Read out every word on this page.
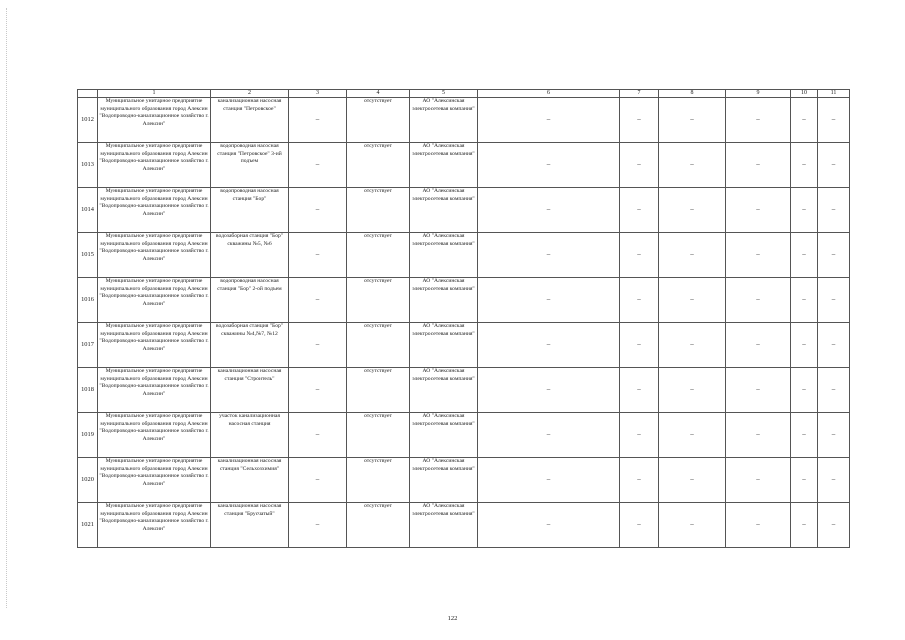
	1	2	3	4	5	6	7	8	9	10	11
1012	Муниципальное унитарное предприятие муниципального образования город Алексин "Водопроводно-канализационное хозяйство г. Алексин"	канализационная насосная станция "Петровское"	–	отсутствует	АО "Алексинская электросетевая компания"	–	–	–	–	–	–
1013	Муниципальное унитарное предприятие муниципального образования город Алексин "Водопроводно-канализационное хозяйство г. Алексин"	водопроводная насосная станция "Петровское" 3-ий подъем	–	отсутствует	АО "Алексинская электросетевая компания"	–	–	–	–	–	–
1014	Муниципальное унитарное предприятие муниципального образования город Алексин "Водопроводно-канализационное хозяйство г. Алексин"	водопроводная насосная станция "Бор"	–	отсутствует	АО "Алексинская электросетевая компания"	–	–	–	–	–	–
1015	Муниципальное унитарное предприятие муниципального образования город Алексин "Водопроводно-канализационное хозяйство г. Алексин"	водозаборная станция "Бор" скважины №5, №6	–	отсутствует	АО "Алексинская электросетевая компания"	–	–	–	–	–	–
1016	Муниципальное унитарное предприятие муниципального образования город Алексин "Водопроводно-канализационное хозяйство г. Алексин"	водопроводная насосная станция "Бор" 2-ой подъем	–	отсутствует	АО "Алексинская электросетевая компания"	–	–	–	–	–	–
1017	Муниципальное унитарное предприятие муниципального образования город Алексин "Водопроводно-канализационное хозяйство г. Алексин"	водозаборная станция "Бор" скважины №4,№7, №12	–	отсутствует	АО "Алексинская электросетевая компания"	–	–	–	–	–	–
1018	Муниципальное унитарное предприятие муниципального образования город Алексин "Водопроводно-канализационное хозяйство г. Алексин"	канализационная насосная станция "Строитель"	–	отсутствует	АО "Алексинская электросетевая компания"	–	–	–	–	–	–
1019	Муниципальное унитарное предприятие муниципального образования город Алексин "Водопроводно-канализационное хозяйство г. Алексин"	участок канализационная насосная станция	–	отсутствует	АО "Алексинская электросетевая компания"	–	–	–	–	–	–
1020	Муниципальное унитарное предприятие муниципального образования город Алексин "Водопроводно-канализационное хозяйство г. Алексин"	канализационная насосная станция "Сельхозхимия"	–	отсутствует	АО "Алексинская электросетевая компания"	–	–	–	–	–	–
1021	Муниципальное унитарное предприятие муниципального образования город Алексин "Водопроводно-канализационное хозяйство г. Алексин"	канализационная насосная станция "Брусчатый"	–	отсутствует	АО "Алексинская электросетевая компания"	–	–	–	–	–	–
122
